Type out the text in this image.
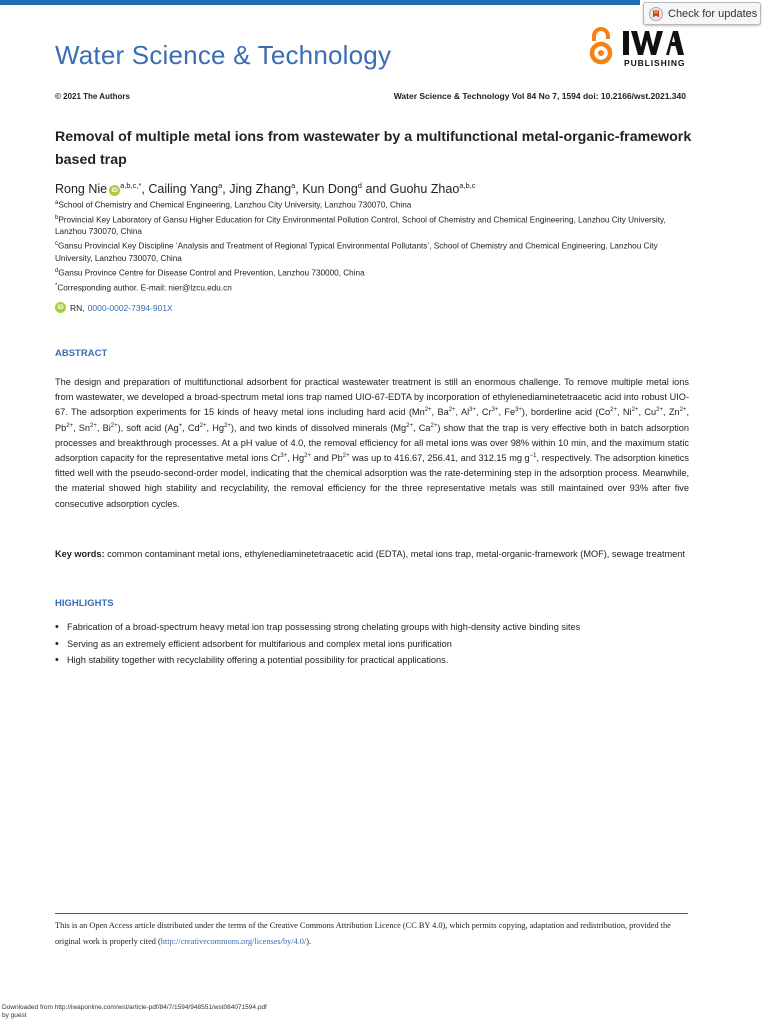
Check for updates
Water Science & Technology	PUBLISHING
© 2021 The Authors	Water Science & Technology Vol 84 No 7, 1594 doi: 10.2166/wst.2021.340
Removal of multiple metal ions from wastewater by a multifunctional metal-organic-framework based trap
Rong Nie $iD^{a,b,c,*}$, Cailing Yang$^a$, Jing Zhang$^a$, Kun Dong$^d$ and Guohu Zhao$^{a,b,c}$

$^a$School of Chemistry and Chemical Engineering, Lanzhou City University, Lanzhou 730070, China

$^b$Provincial Key Laboratory of Gansu Higher Education for City Environmental Pollution Control, School of Chemistry and Chemical Engineering, Lanzhou City University, Lanzhou 730070, China

$^c$Gansu Provincial Key Discipline ‘Analysis and Treatment of Regional Typical Environmental Pollutants’, School of Chemistry and Chemical Engineering, Lanzhou City University, Lanzhou 730070, China

$^d$Gansu Province Centre for Disease Control and Prevention, Lanzhou 730000, China

*Corresponding author. E-mail: nier@lzcu.edu.cn

iD RN, 0000-0002-7394-901X
ABSTRACT

The design and preparation of multifunctional adsorbent for practical wastewater treatment is still an enormous challenge. To remove multiple metal ions from wastewater, we developed a broad-spectrum metal ions trap named UIO-67-EDTA by incorporation of ethylenediaminetetraacetic acid into robust UIO-67. The adsorption experiments for 15 kinds of heavy metal ions including hard acid ($Mn^{2+}$, $Ba^{2+}$, $Al^{3+}$, $Cr^{3+}$, $Fe^{3+}$), borderline acid ($Co^{2+}$, $Ni^{2+}$, $Cu^{2+}$, $Zn^{2+}$, $Pb^{2+}$, $Sn^{2+}$, $Bi^{2+}$), soft acid (Ag+, $Cd^{2+}$, $Hg^{2+}$), and two kinds of dissolved minerals ($Mg^{2+}$, $Ca^{2+}$) show that the trap is very effective both in batch adsorption processes and breakthrough processes. At a pH value of 4.0, the removal efficiency for all metal ions was over 98% within 10 min, and the maximum static adsorption capacity for the representative metal ions $Cr^{3+}$, $Hg^{2+}$ and $Pb^{2+}$ was up to 416.67, 256.41, and 312.15 mg $g^{-1}$, respectively. The adsorption kinetics fitted well with the pseudo-second-order model, indicating that the chemical adsorption was the rate-determining step in the adsorption process. Meanwhile, the material showed high stability and recyclability, the removal efficiency for the three representative metals was still maintained over 93% after five consecutive adsorption cycles.

Key words: common contaminant metal ions, ethylenediaminetetraacetic acid (EDTA), metal ions trap, metal-organic-framework (MOF), sewage treatment

HIGHLIGHTS
• Fabrication of a broad-spectrum heavy metal ion trap possessing strong chelating groups with high-density active binding sites
• Serving as an extremely efficient adsorbent for multifarious and complex metal ions purification
• High stability together with recyclability offering a potential possibility for practical applications.

This is an Open Access article distributed under the terms of the Creative Commons Attribution Licence (CC BY 4.0), which permits copying, adaptation and redistribution, provided the original work is properly cited (http://creativecommons.org/licenses/by/4.0/).

Downloaded from http://iwaponline.com/wst/article-pdf/84/7/1594/948551/wst084071594.pdf
by guest
